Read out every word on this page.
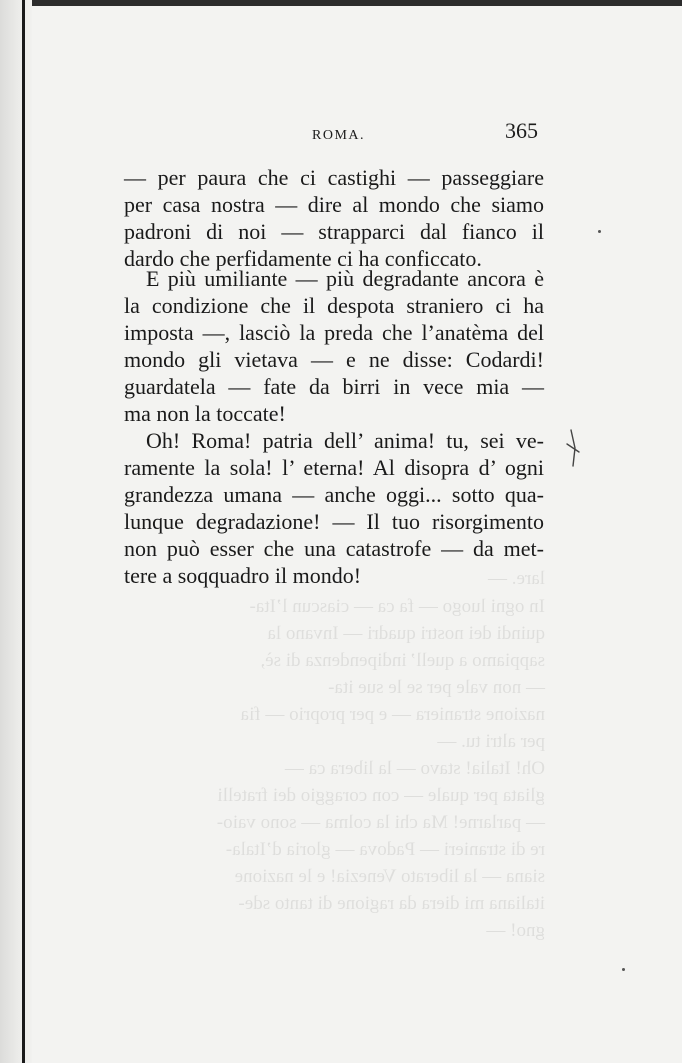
lare. —
In ogni luogo — fa ca — ciascun l’Ita-
quindi dei nostri quadri — Invano la
sappiamo a quell’ indipendenza di sè,
— non vale per se le sue ita-
nazione straniera — e per proprio — fia
per altri tu. —
Oh! Italia! stavo — la libera ca —
gliata per quale — con coraggio dei fratelli
— parlarne! Ma chi la colma — sono vaio-
re di stranieri — Padova — gloria d’Itala-
siana — la liberato Venezia! e le nazione
italiana mi diera da ragione di tanto sde-
gno! —
ROMA.	365
— per paura che ci castighi — passeggiare
per casa nostra — dire al mondo che siamo
padroni di noi — strapparci dal fianco il
dardo che perfidamente ci ha conficcato.
E più umiliante — più degradante ancora è
la condizione che il despota straniero ci ha
imposta —, lasciò la preda che l’anatèma del
mondo gli vietava — e ne disse: Codardi!
guardatela — fate da birri in vece mia —
ma non la toccate!
Oh! Roma! patria dell’ anima! tu, sei ve-
ramente la sola! l’ eterna! Al disopra d’ ogni
grandezza umana — anche oggi... sotto qua-
lunque degradazione! — Il tuo risorgimento
non può esser che una catastrofe — da met-
tere a soqquadro il mondo!
